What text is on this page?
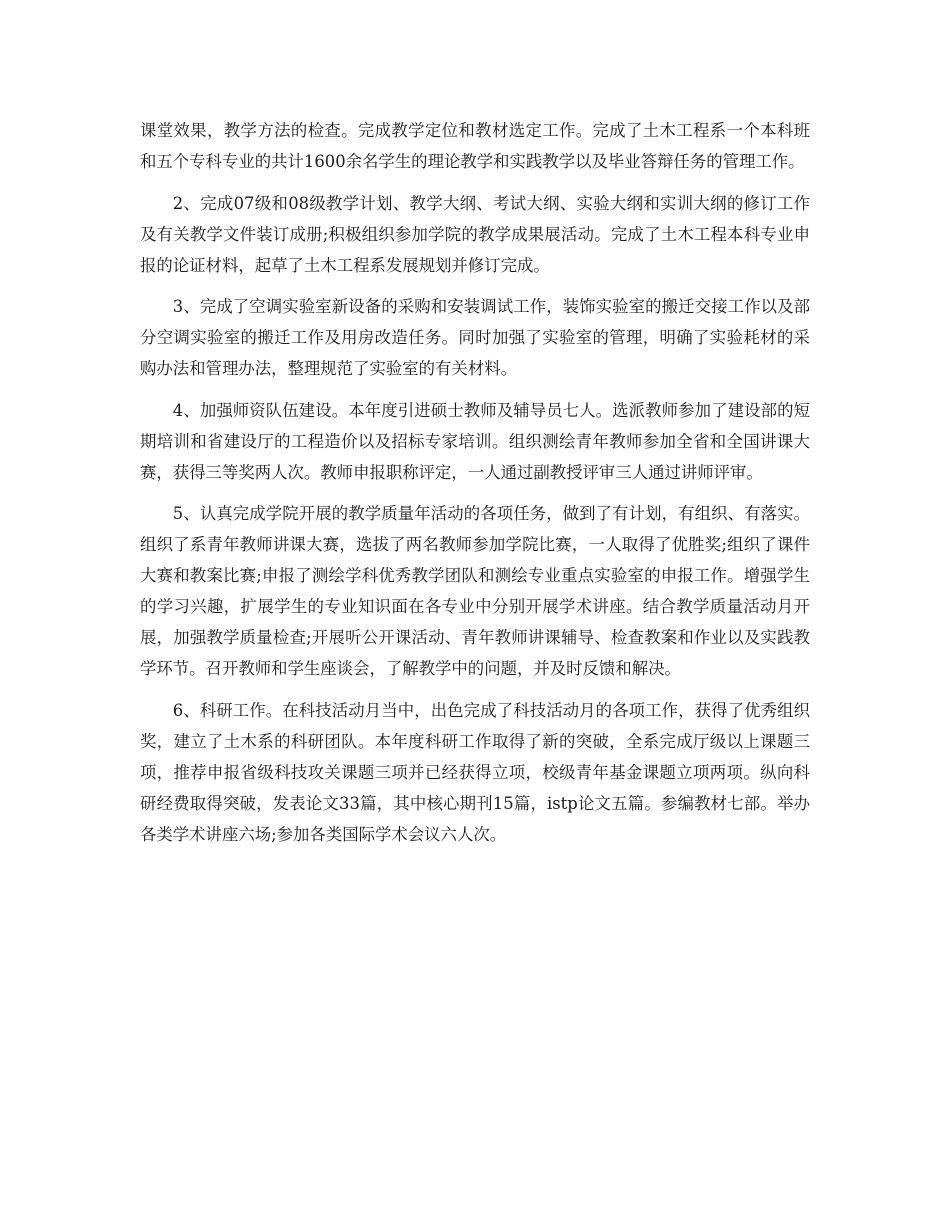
课堂效果，教学方法的检查。完成教学定位和教材选定工作。完成了土木工程系一个本科班和五个专科专业的共计1600余名学生的理论教学和实践教学以及毕业答辩任务的管理工作。

2、完成07级和08级教学计划、教学大纲、考试大纲、实验大纲和实训大纲的修订工作及有关教学文件装订成册;积极组织参加学院的教学成果展活动。完成了土木工程本科专业申报的论证材料，起草了土木工程系发展规划并修订完成。

3、完成了空调实验室新设备的采购和安装调试工作，装饰实验室的搬迁交接工作以及部分空调实验室的搬迁工作及用房改造任务。同时加强了实验室的管理，明确了实验耗材的采购办法和管理办法，整理规范了实验室的有关材料。

4、加强师资队伍建设。本年度引进硕士教师及辅导员七人。选派教师参加了建设部的短期培训和省建设厅的工程造价以及招标专家培训。组织测绘青年教师参加全省和全国讲课大赛，获得三等奖两人次。教师申报职称评定，一人通过副教授评审三人通过讲师评审。

5、认真完成学院开展的教学质量年活动的各项任务，做到了有计划，有组织、有落实。组织了系青年教师讲课大赛，选拔了两名教师参加学院比赛，一人取得了优胜奖;组织了课件大赛和教案比赛;申报了测绘学科优秀教学团队和测绘专业重点实验室的申报工作。增强学生的学习兴趣，扩展学生的专业知识面在各专业中分别开展学术讲座。结合教学质量活动月开展，加强教学质量检查;开展听公开课活动、青年教师讲课辅导、检查教案和作业以及实践教学环节。召开教师和学生座谈会，了解教学中的问题，并及时反馈和解决。

6、科研工作。在科技活动月当中，出色完成了科技活动月的各项工作，获得了优秀组织奖，建立了土木系的科研团队。本年度科研工作取得了新的突破，全系完成厅级以上课题三项，推荐申报省级科技攻关课题三项并已经获得立项，校级青年基金课题立项两项。纵向科研经费取得突破，发表论文33篇，其中核心期刊15篇，istp论文五篇。参编教材七部。举办各类学术讲座六场;参加各类国际学术会议六人次。
